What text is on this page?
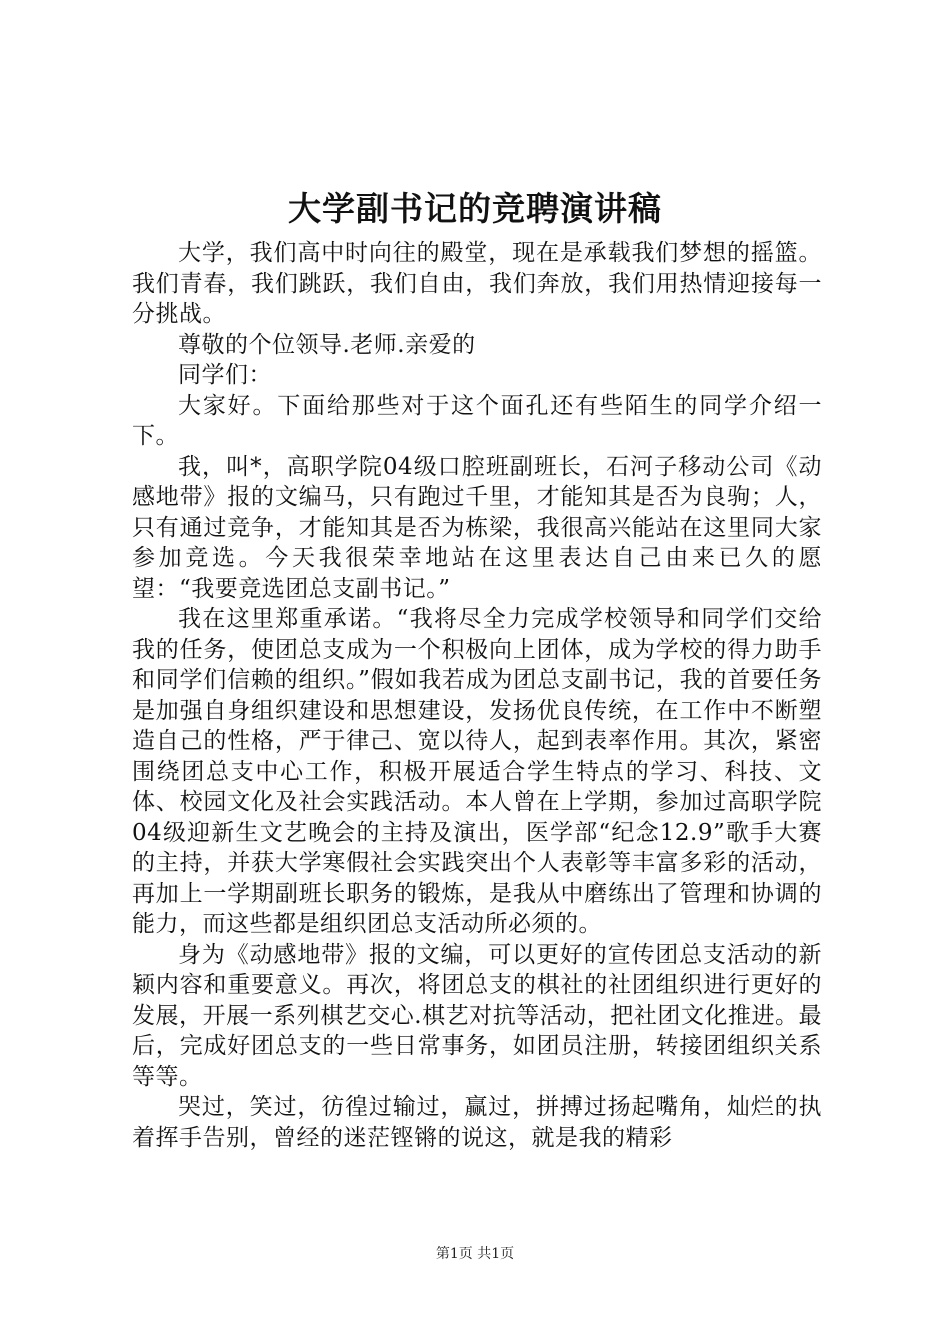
大学副书记的竞聘演讲稿

大学，我们高中时向往的殿堂，现在是承载我们梦想的摇篮。我们青春，我们跳跃，我们自由，我们奔放，我们用热情迎接每一分挑战。

尊敬的个位领导.老师.亲爱的

同学们：

大家好。下面给那些对于这个面孔还有些陌生的同学介绍一下。

我，叫*，高职学院04级口腔班副班长，石河子移动公司《动感地带》报的文编马，只有跑过千里，才能知其是否为良驹；人，只有通过竞争，才能知其是否为栋梁，我很高兴能站在这里同大家参加竞选。今天我很荣幸地站在这里表达自己由来已久的愿望：“我要竞选团总支副书记。”

我在这里郑重承诺。“我将尽全力完成学校领导和同学们交给我的任务，使团总支成为一个积极向上团体，成为学校的得力助手和同学们信赖的组织。”假如我若成为团总支副书记，我的首要任务是加强自身组织建设和思想建设，发扬优良传统，在工作中不断塑造自己的性格，严于律己、宽以待人，起到表率作用。其次，紧密围绕团总支中心工作，积极开展适合学生特点的学习、科技、文体、校园文化及社会实践活动。本人曾在上学期，参加过高职学院04级迎新生文艺晚会的主持及演出，医学部“纪念12.9”歌手大赛的主持，并获大学寒假社会实践突出个人表彰等丰富多彩的活动，再加上一学期副班长职务的锻炼，是我从中磨练出了管理和协调的能力，而这些都是组织团总支活动所必须的。

身为《动感地带》报的文编，可以更好的宣传团总支活动的新颖内容和重要意义。再次，将团总支的棋社的社团组织进行更好的发展，开展一系列棋艺交心.棋艺对抗等活动，把社团文化推进。最后，完成好团总支的一些日常事务，如团员注册，转接团组织关系等等。

哭过，笑过，彷徨过输过，赢过，拼搏过扬起嘴角，灿烂的执着挥手告别，曾经的迷茫铿锵的说这，就是我的精彩

第1页 共1页
